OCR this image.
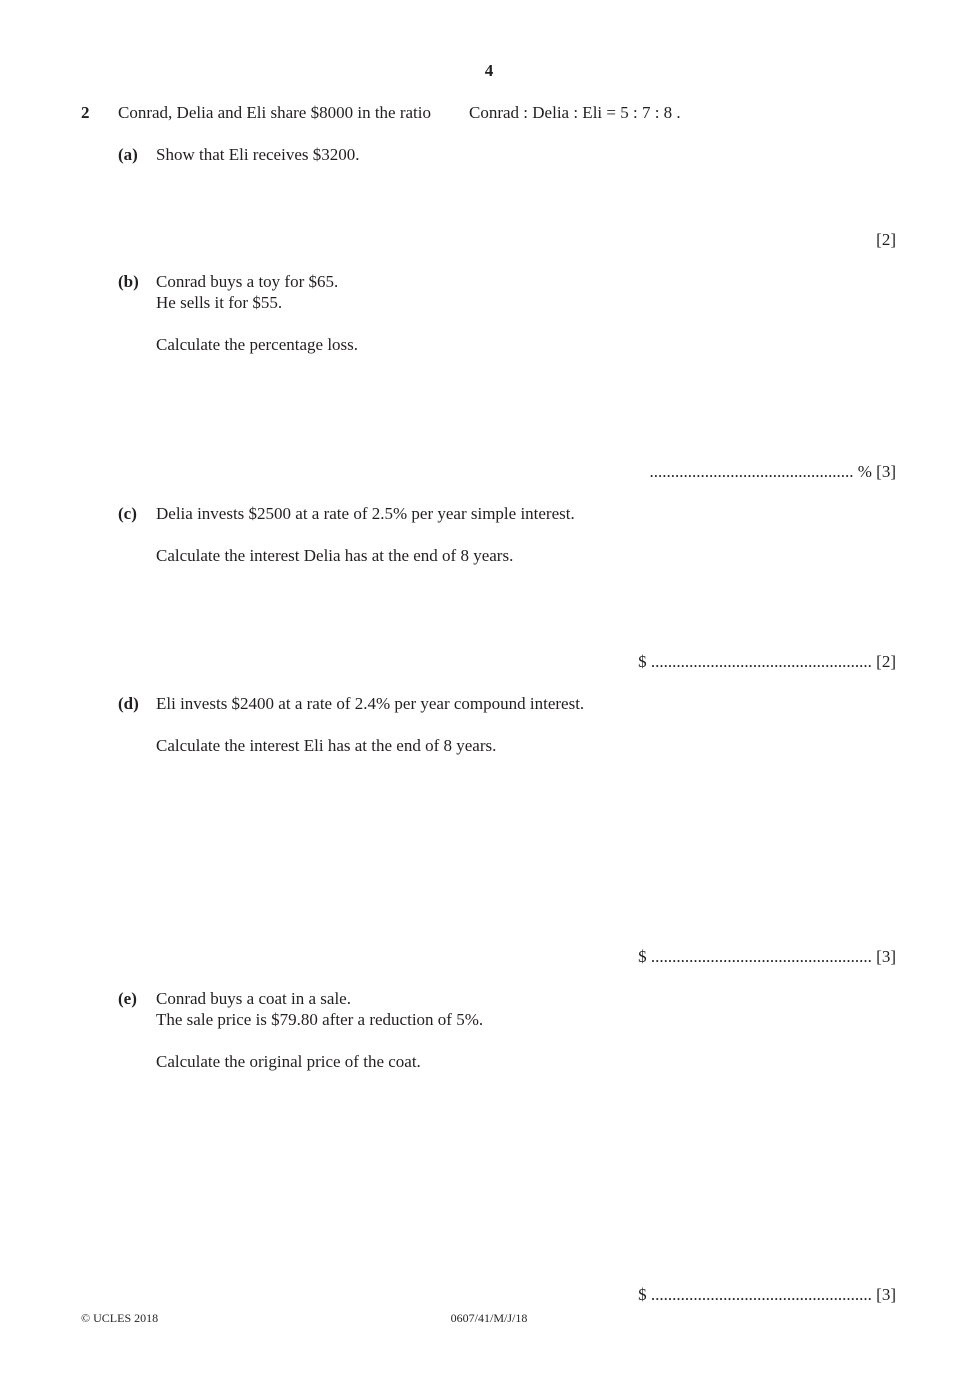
4
2 Conrad, Delia and Eli share $8000 in the ratio Conrad : Delia : Eli = 5 : 7 : 8 .
(a) Show that Eli receives $3200.
[2]
(b) Conrad buys a toy for $65.
He sells it for $55.
Calculate the percentage loss.
................................................ % [3]
(c) Delia invests $2500 at a rate of 2.5% per year simple interest.
Calculate the interest Delia has at the end of 8 years.
$ .................................................... [2]
(d) Eli invests $2400 at a rate of 2.4% per year compound interest.
Calculate the interest Eli has at the end of 8 years.
$ .................................................... [3]
(e) Conrad buys a coat in a sale.
The sale price is $79.80 after a reduction of 5%.
Calculate the original price of the coat.
$ .................................................... [3]
© UCLES 2018	0607/41/M/J/18
